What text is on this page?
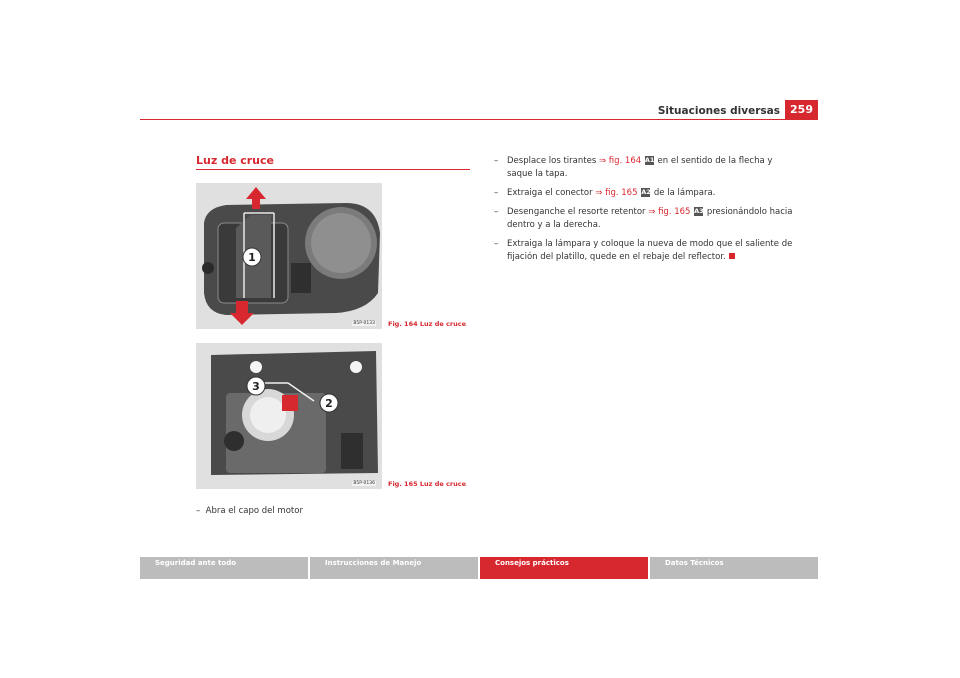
Situaciones diversas 259
Luz de cruce
1
B5P-0133 Fig. 164 Luz de cruce
3
2
B5P-0136 Fig. 165 Luz de cruce
– Abra el capo del motor
– Desplace los tirantes ⇒ fig. 164 A1 en el sentido de la flecha y saque la tapa.
– Extraiga el conector ⇒ fig. 165 A2 de la lámpara.
– Desenganche el resorte retentor ⇒ fig. 165 A3 presionándolo hacia dentro y a la derecha.
– Extraiga la lámpara y coloque la nueva de modo que el saliente de fijación del platillo, quede en el rebaje del reflector.
Seguridad ante todo	Instrucciones de Manejo	Consejos prácticos	Datos Técnicos
